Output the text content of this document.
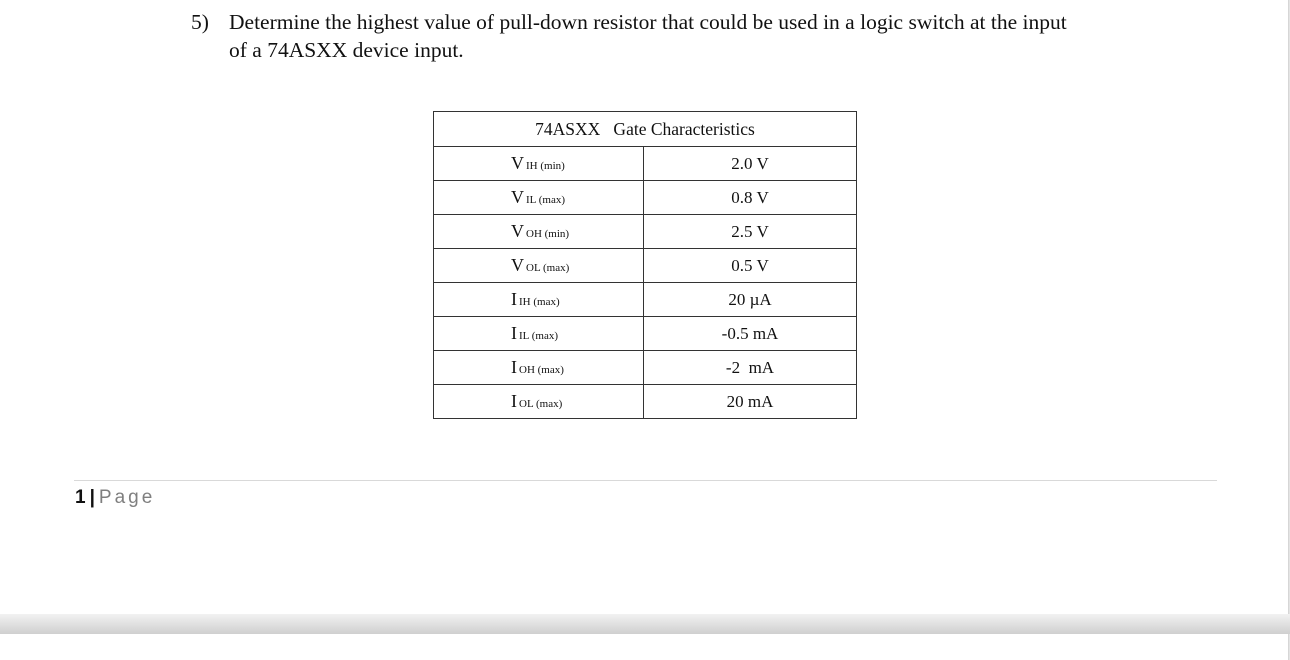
5) Determine the highest value of pull-down resistor that could be used in a logic switch at the input
of a 74ASXX device input.
74ASXX   Gate Characteristics	
V IH (min)	2.0 V
V IL (max)	0.8 V
V OH (min)	2.5 V
V OL (max)	0.5 V
I IH (max)	20 µA
I IL (max)	-0.5 mA
I OH (max)	-2  mA
I OL (max)	20 mA
1 | Page
